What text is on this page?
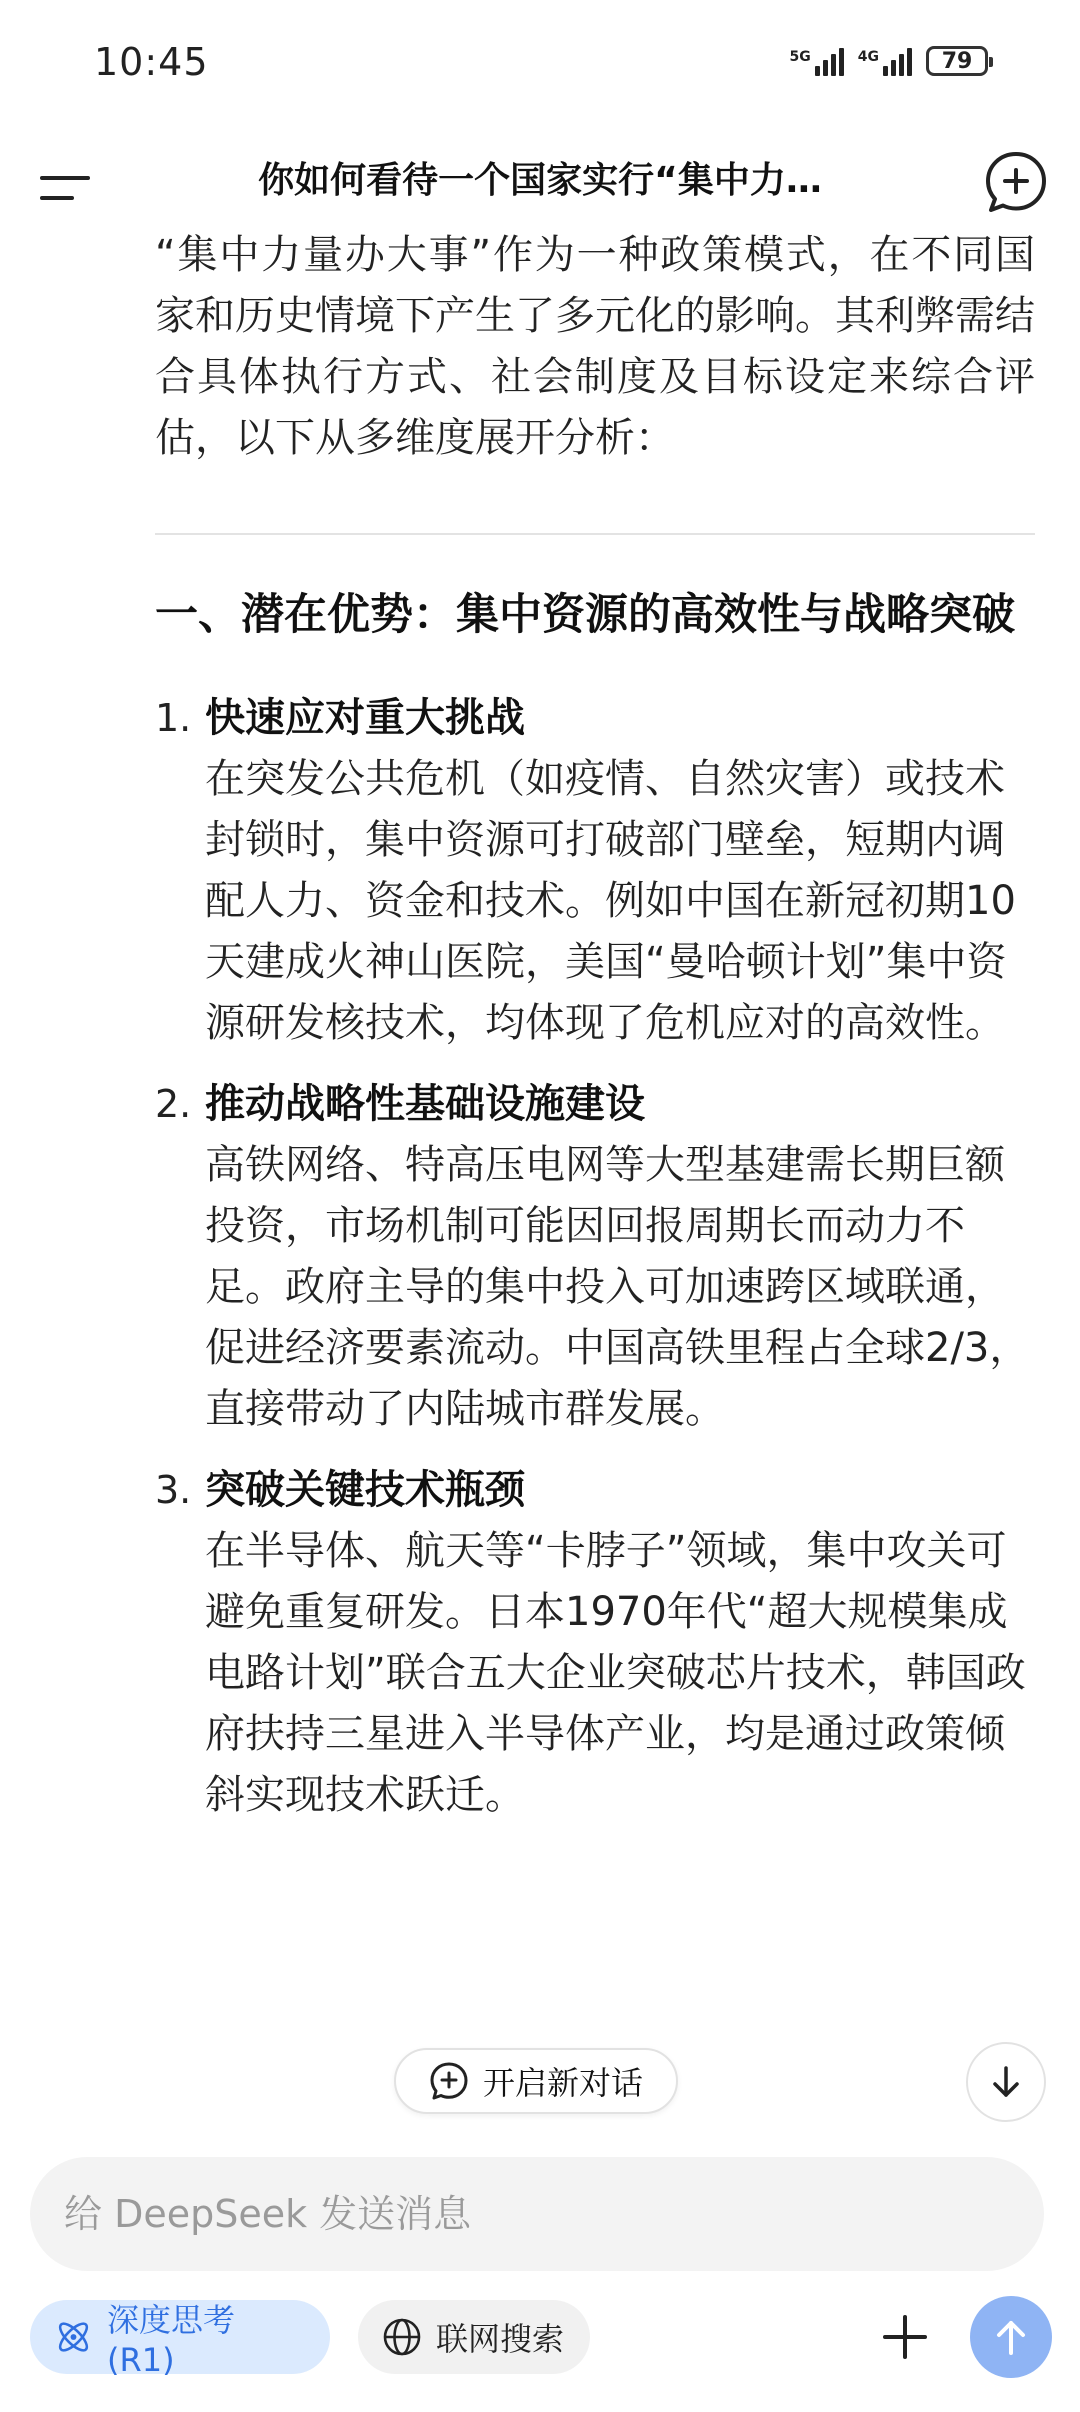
10:45	5G	4G	79
你如何看待一个国家实行“集中力…

“集中力量办大事”作为一种政策模式，在不同国家和历史情境下产生了多元化的影响。其利弊需结合具体执行方式、社会制度及目标设定来综合评估，以下从多维度展开分析：

一、潜在优势：集中资源的高效性与战略突破
1. 快速应对重大挑战
在突发公共危机（如疫情、自然灾害）或技术封锁时，集中资源可打破部门壁垒，短期内调配人力、资金和技术。例如中国在新冠初期10天建成火神山医院，美国“曼哈顿计划”集中资源研发核技术，均体现了危机应对的高效性。
2. 推动战略性基础设施建设
高铁网络、特高压电网等大型基建需长期巨额投资，市场机制可能因回报周期长而动力不足。政府主导的集中投入可加速跨区域联通，促进经济要素流动。中国高铁里程占全球2/3，直接带动了内陆城市群发展。
3. 突破关键技术瓶颈
在半导体、航天等“卡脖子”领域，集中攻关可避免重复研发。日本1970年代“超大规模集成电路计划”联合五大企业突破芯片技术，韩国政府扶持三星进入半导体产业，均是通过政策倾斜实现技术跃迁。
开启新对话
给 DeepSeek 发送消息
深度思考 (R1)
联网搜索
